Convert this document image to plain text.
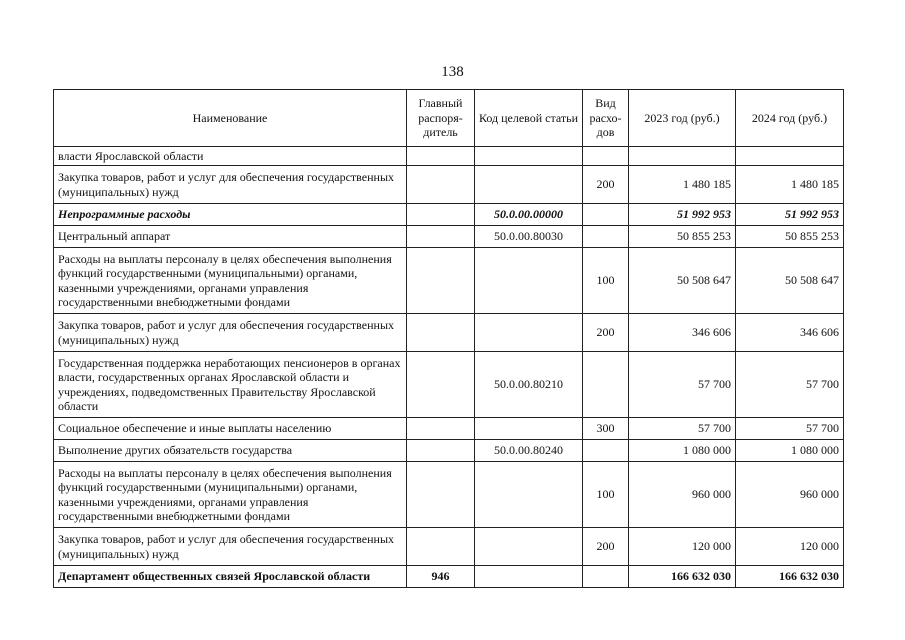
138
Наименование	Главный распоря-дитель	Код целевой статьи	Вид расхо-дов	2023 год (руб.)	2024 год (руб.)
власти Ярославской области					
Закупка товаров, работ и услуг для обеспечения государственных (муниципальных) нужд			200	1 480 185	1 480 185
Непрограммные расходы		50.0.00.00000		51 992 953	51 992 953
Центральный аппарат		50.0.00.80030		50 855 253	50 855 253
Расходы на выплаты персоналу в целях обеспечения выполнения функций государственными (муниципальными) органами, казенными учреждениями, органами управления государственными внебюджетными фондами			100	50 508 647	50 508 647
Закупка товаров, работ и услуг для обеспечения государственных (муниципальных) нужд			200	346 606	346 606
Государственная поддержка неработающих пенсионеров в органах власти, государственных органах Ярославской области и учреждениях, подведомственных Правительству Ярославской области		50.0.00.80210		57 700	57 700
Социальное обеспечение и иные выплаты населению			300	57 700	57 700
Выполнение других обязательств государства		50.0.00.80240		1 080 000	1 080 000
Расходы на выплаты персоналу в целях обеспечения выполнения функций государственными (муниципальными) органами, казенными учреждениями, органами управления государственными внебюджетными фондами			100	960 000	960 000
Закупка товаров, работ и услуг для обеспечения государственных (муниципальных) нужд			200	120 000	120 000
Департамент общественных связей Ярославской области	946			166 632 030	166 632 030
